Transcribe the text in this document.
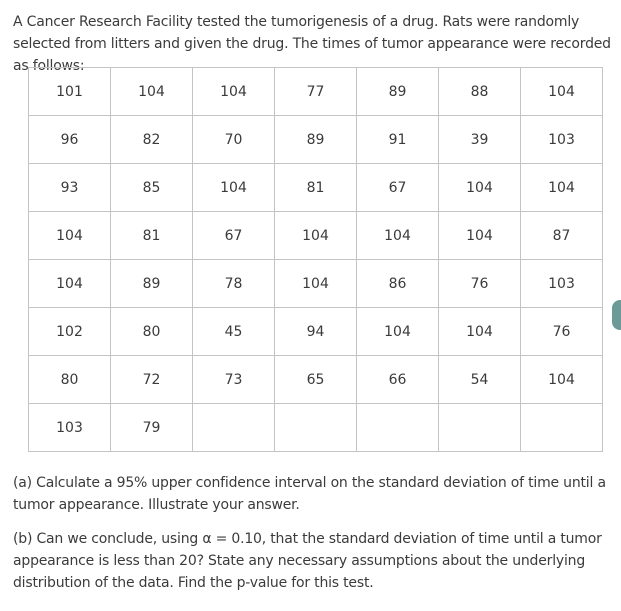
A Cancer Research Facility tested the tumorigenesis of a drug. Rats were randomly selected from litters and given the drug. The times of tumor appearance were recorded as follows:
101	104	104	77	89	88	104
96	82	70	89	91	39	103
93	85	104	81	67	104	104
104	81	67	104	104	104	87
104	89	78	104	86	76	103
102	80	45	94	104	104	76
80	72	73	65	66	54	104
103	79					
(a) Calculate a 95% upper confidence interval on the standard deviation of time until a tumor appearance. Illustrate your answer.
(b) Can we conclude, using α = 0.10, that the standard deviation of time until a tumor appearance is less than 20? State any necessary assumptions about the underlying distribution of the data. Find the p-value for this test.
